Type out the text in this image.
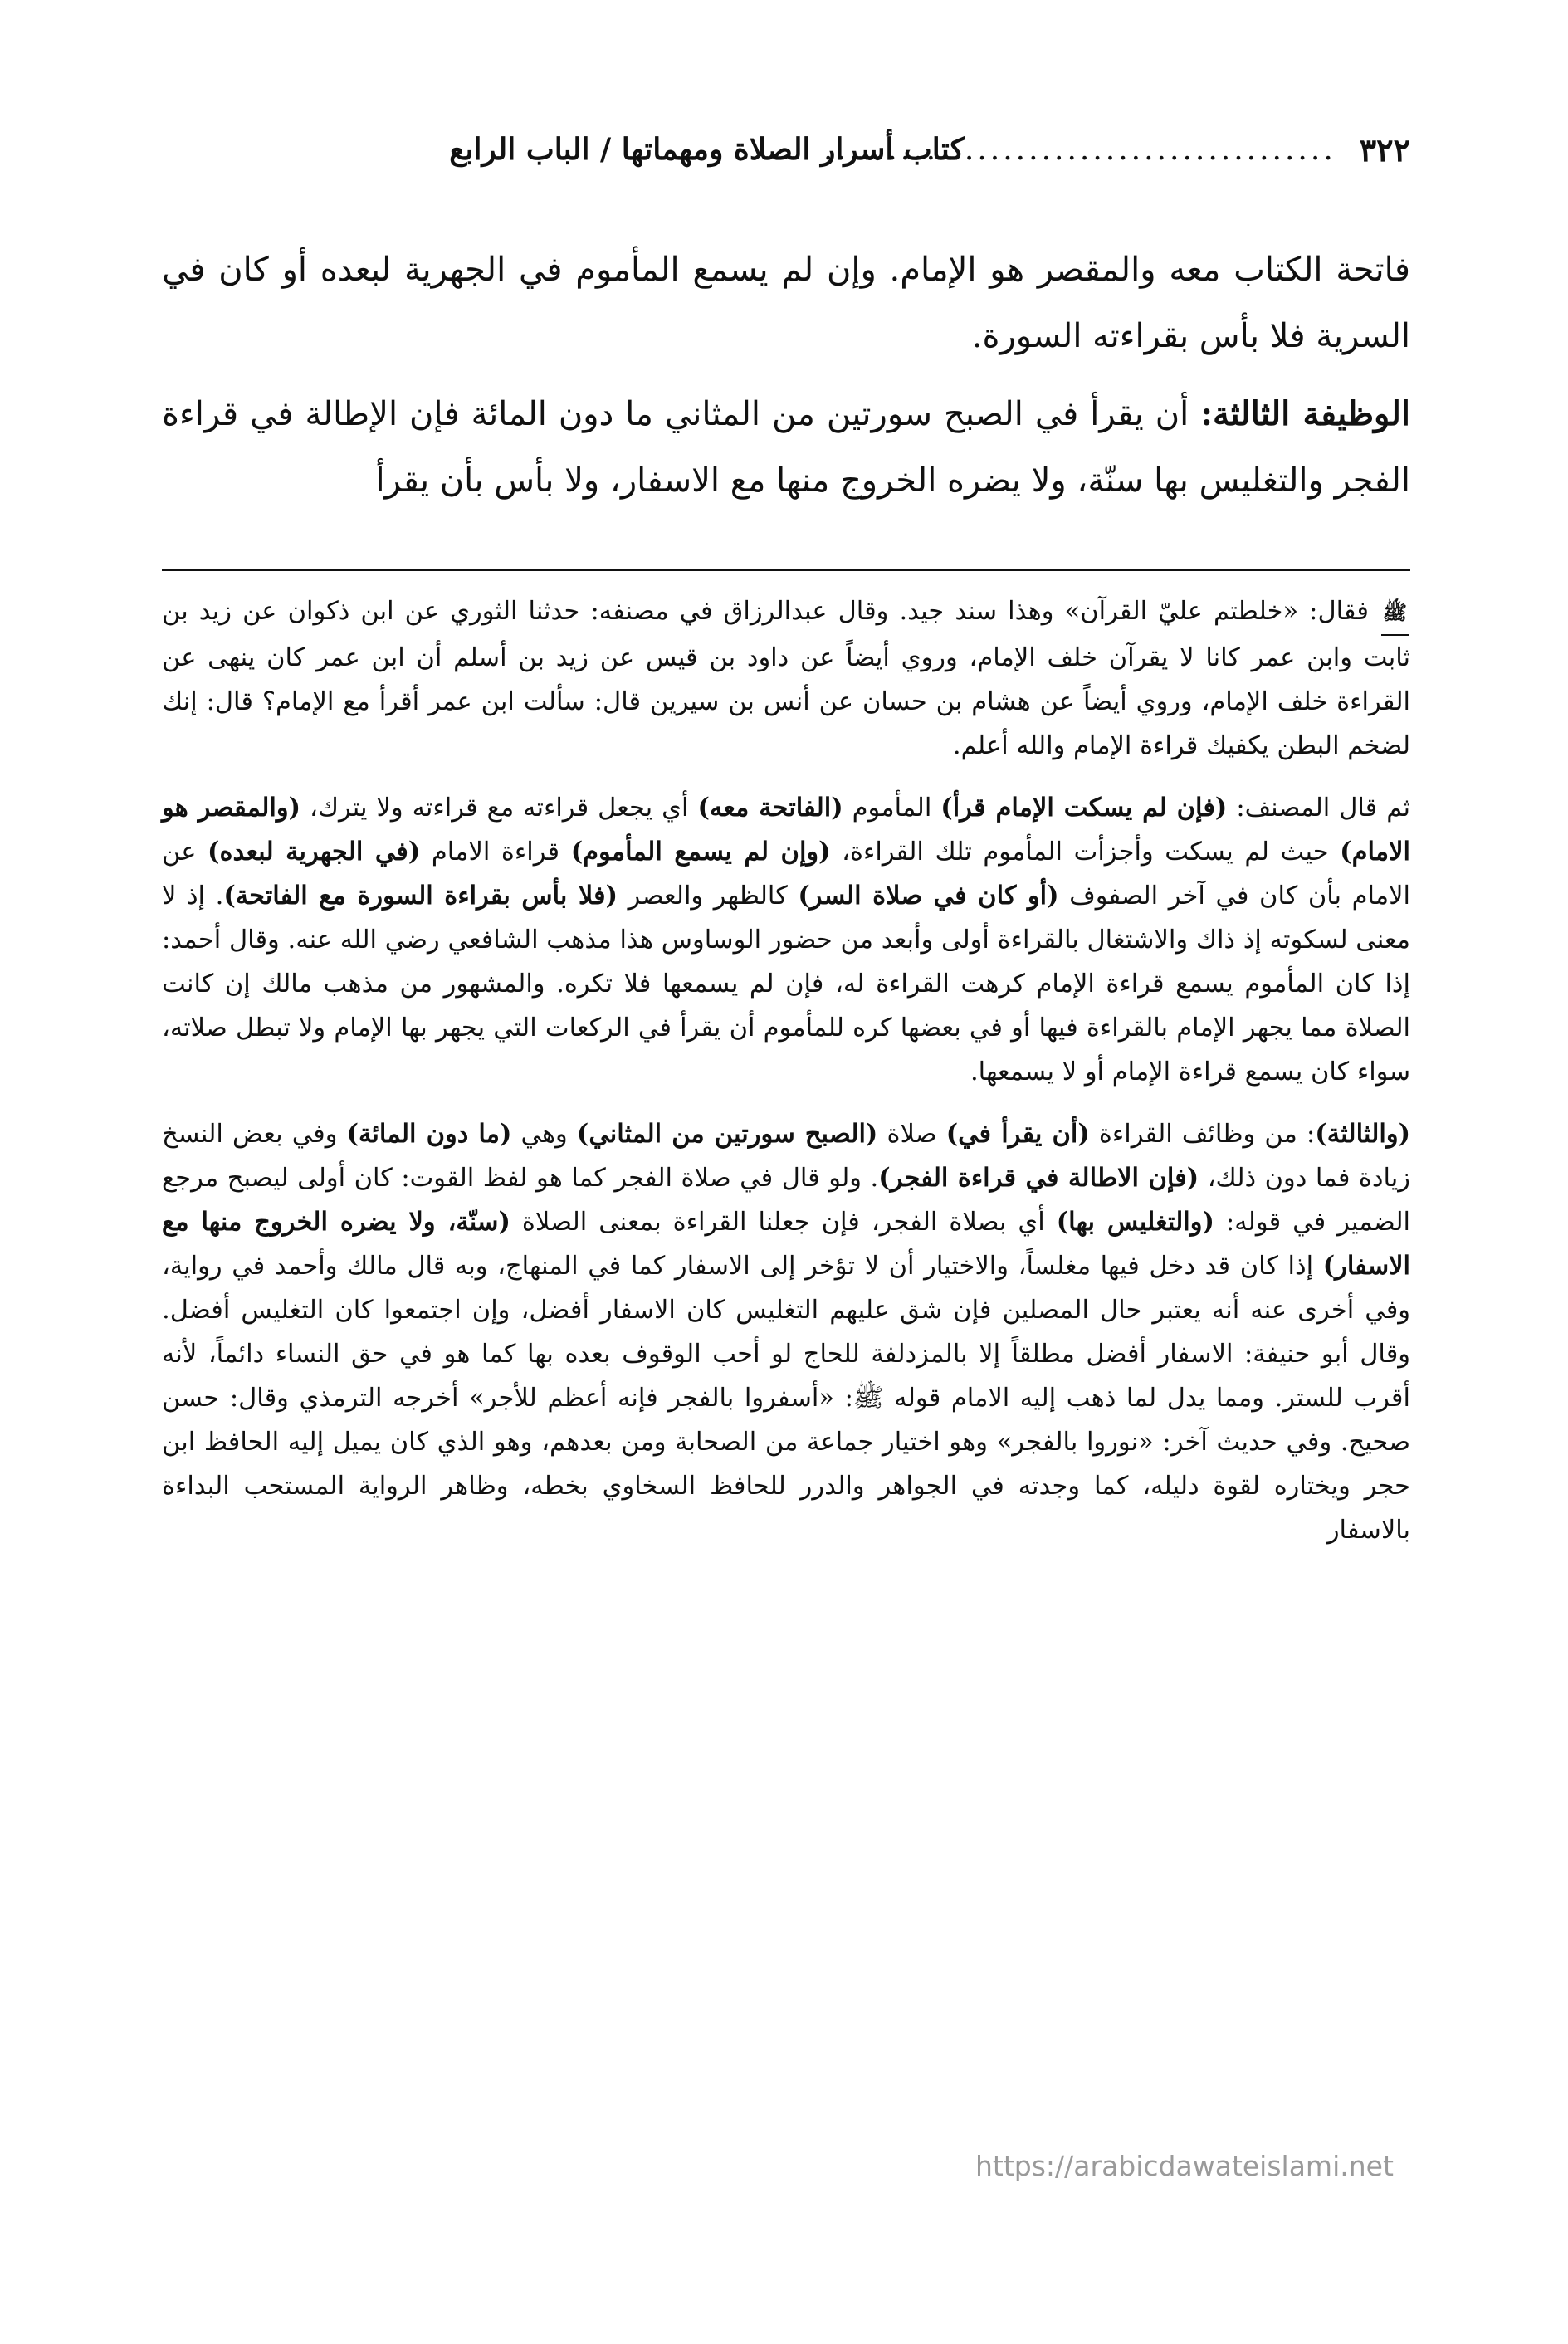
٣٢٢
........................................
كتاب أسرار الصلاة ومهماتها / الباب الرابع

فاتحة الكتاب معه والمقصر هو الإمام. وإن لم يسمع المأموم في الجهرية لبعده أو كان في السرية فلا بأس بقراءته السورة.

الوظيفة الثالثة: أن يقرأ في الصبح سورتين من المثاني ما دون المائة فإن الإطالة في قراءة الفجر والتغليس بها سنّة، ولا يضره الخروج منها مع الاسفار، ولا بأس بأن يقرأ

ﷺ فقال: «خلطتم عليّ القرآن» وهذا سند جيد. وقال عبدالرزاق في مصنفه: حدثنا الثوري عن ابن ذكوان عن زيد بن ثابت وابن عمر كانا لا يقرآن خلف الإمام، وروي أيضاً عن داود بن قيس عن زيد بن أسلم أن ابن عمر كان ينهى عن القراءة خلف الإمام، وروي أيضاً عن هشام بن حسان عن أنس بن سيرين قال: سألت ابن عمر أقرأ مع الإمام؟ قال: إنك لضخم البطن يكفيك قراءة الإمام والله أعلم.

ثم قال المصنف: (فإن لم يسكت الإمام قرأ) المأموم (الفاتحة معه) أي يجعل قراءته مع قراءته ولا يترك، (والمقصر هو الامام) حيث لم يسكت وأجزأت المأموم تلك القراءة، (وإن لم يسمع المأموم) قراءة الامام (في الجهرية لبعده) عن الامام بأن كان في آخر الصفوف (أو كان في صلاة السر) كالظهر والعصر (فلا بأس بقراءة السورة مع الفاتحة). إذ لا معنى لسكوته إذ ذاك والاشتغال بالقراءة أولى وأبعد من حضور الوساوس هذا مذهب الشافعي رضي الله عنه. وقال أحمد: إذا كان المأموم يسمع قراءة الإمام كرهت القراءة له، فإن لم يسمعها فلا تكره. والمشهور من مذهب مالك إن كانت الصلاة مما يجهر الإمام بالقراءة فيها أو في بعضها كره للمأموم أن يقرأ في الركعات التي يجهر بها الإمام ولا تبطل صلاته، سواء كان يسمع قراءة الإمام أو لا يسمعها.

(والثالثة): من وظائف القراءة (أن يقرأ في) صلاة (الصبح سورتين من المثاني) وهي (ما دون المائة) وفي بعض النسخ زيادة فما دون ذلك، (فإن الاطالة في قراءة الفجر). ولو قال في صلاة الفجر كما هو لفظ القوت: كان أولى ليصبح مرجع الضمير في قوله: (والتغليس بها) أي بصلاة الفجر، فإن جعلنا القراءة بمعنى الصلاة (سنّة، ولا يضره الخروج منها مع الاسفار) إذا كان قد دخل فيها مغلساً، والاختيار أن لا تؤخر إلى الاسفار كما في المنهاج، وبه قال مالك وأحمد في رواية، وفي أخرى عنه أنه يعتبر حال المصلين فإن شق عليهم التغليس كان الاسفار أفضل، وإن اجتمعوا كان التغليس أفضل. وقال أبو حنيفة: الاسفار أفضل مطلقاً إلا بالمزدلفة للحاج لو أحب الوقوف بعده بها كما هو في حق النساء دائماً، لأنه أقرب للستر. ومما يدل لما ذهب إليه الامام قوله ﷺ: «أسفروا بالفجر فإنه أعظم للأجر» أخرجه الترمذي وقال: حسن صحيح. وفي حديث آخر: «نوروا بالفجر» وهو اختيار جماعة من الصحابة ومن بعدهم، وهو الذي كان يميل إليه الحافظ ابن حجر ويختاره لقوة دليله، كما وجدته في الجواهر والدرر للحافظ السخاوي بخطه، وظاهر الرواية المستحب البداءة بالاسفار

https://arabicdawateislami.net
